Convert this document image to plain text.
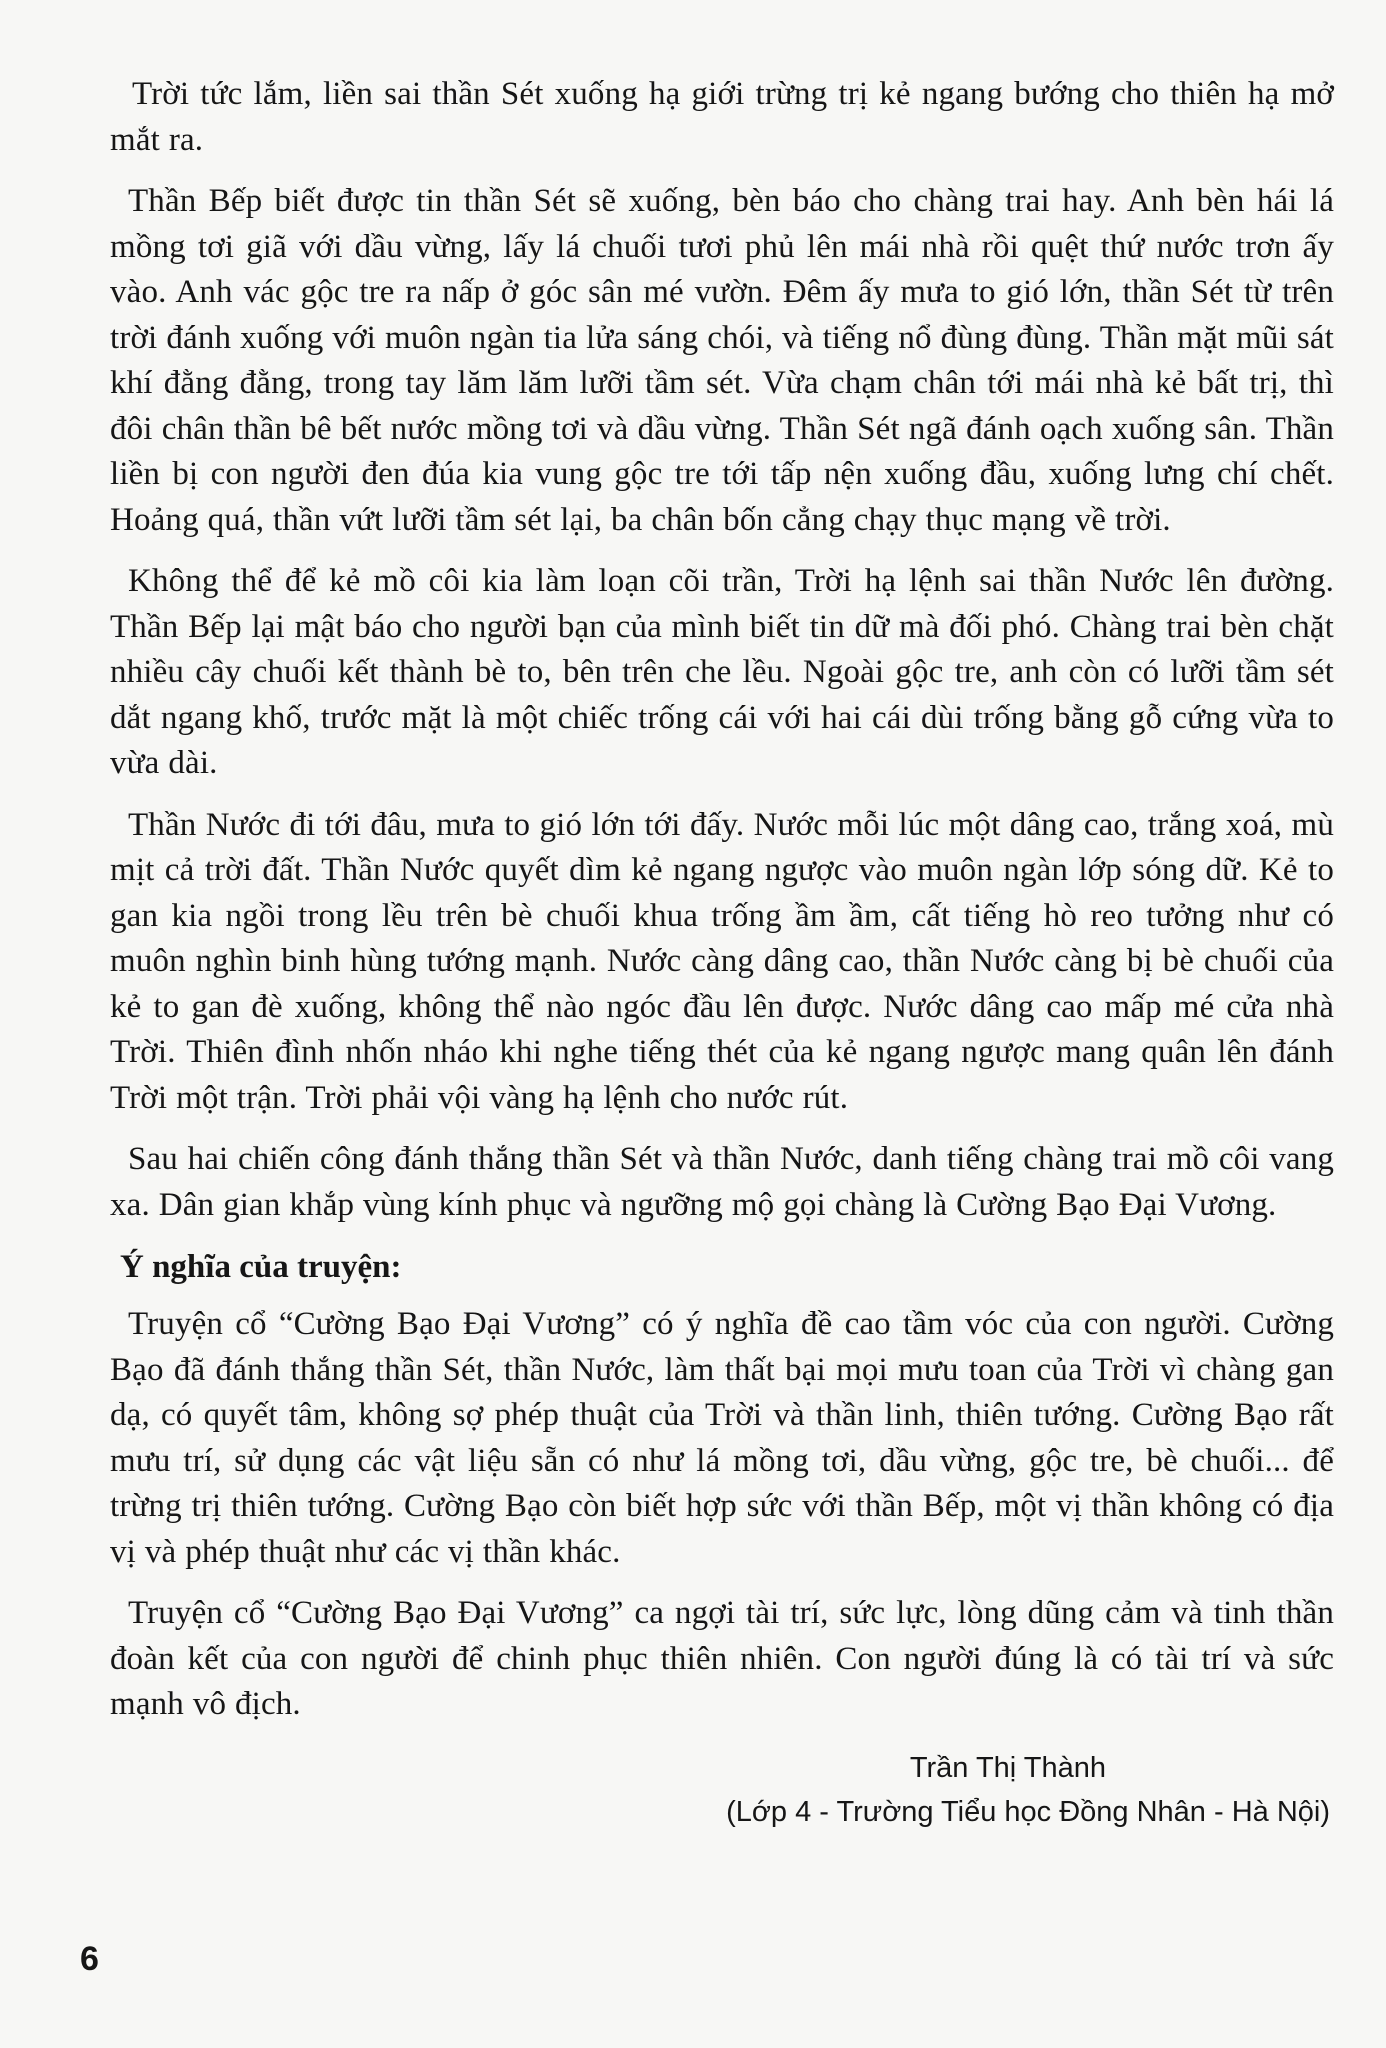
Trời tức lắm, liền sai thần Sét xuống hạ giới trừng trị kẻ ngang bướng cho thiên hạ mở mắt ra.

Thần Bếp biết được tin thần Sét sẽ xuống, bèn báo cho chàng trai hay. Anh bèn hái lá mồng tơi giã với dầu vừng, lấy lá chuối tươi phủ lên mái nhà rồi quệt thứ nước trơn ấy vào. Anh vác gộc tre ra nấp ở góc sân mé vườn. Đêm ấy mưa to gió lớn, thần Sét từ trên trời đánh xuống với muôn ngàn tia lửa sáng chói, và tiếng nổ đùng đùng. Thần mặt mũi sát khí đằng đằng, trong tay lăm lăm lưỡi tầm sét. Vừa chạm chân tới mái nhà kẻ bất trị, thì đôi chân thần bê bết nước mồng tơi và dầu vừng. Thần Sét ngã đánh oạch xuống sân. Thần liền bị con người đen đúa kia vung gộc tre tới tấp nện xuống đầu, xuống lưng chí chết. Hoảng quá, thần vứt lưỡi tầm sét lại, ba chân bốn cẳng chạy thục mạng về trời.

Không thể để kẻ mồ côi kia làm loạn cõi trần, Trời hạ lệnh sai thần Nước lên đường. Thần Bếp lại mật báo cho người bạn của mình biết tin dữ mà đối phó. Chàng trai bèn chặt nhiều cây chuối kết thành bè to, bên trên che lều. Ngoài gộc tre, anh còn có lưỡi tầm sét dắt ngang khố, trước mặt là một chiếc trống cái với hai cái dùi trống bằng gỗ cứng vừa to vừa dài.

Thần Nước đi tới đâu, mưa to gió lớn tới đấy. Nước mỗi lúc một dâng cao, trắng xoá, mù mịt cả trời đất. Thần Nước quyết dìm kẻ ngang ngược vào muôn ngàn lớp sóng dữ. Kẻ to gan kia ngồi trong lều trên bè chuối khua trống ầm ầm, cất tiếng hò reo tưởng như có muôn nghìn binh hùng tướng mạnh. Nước càng dâng cao, thần Nước càng bị bè chuối của kẻ to gan đè xuống, không thể nào ngóc đầu lên được. Nước dâng cao mấp mé cửa nhà Trời. Thiên đình nhốn nháo khi nghe tiếng thét của kẻ ngang ngược mang quân lên đánh Trời một trận. Trời phải vội vàng hạ lệnh cho nước rút.

Sau hai chiến công đánh thắng thần Sét và thần Nước, danh tiếng chàng trai mồ côi vang xa. Dân gian khắp vùng kính phục và ngưỡng mộ gọi chàng là Cường Bạo Đại Vương.

Ý nghĩa của truyện:

Truyện cổ “Cường Bạo Đại Vương” có ý nghĩa đề cao tầm vóc của con người. Cường Bạo đã đánh thắng thần Sét, thần Nước, làm thất bại mọi mưu toan của Trời vì chàng gan dạ, có quyết tâm, không sợ phép thuật của Trời và thần linh, thiên tướng. Cường Bạo rất mưu trí, sử dụng các vật liệu sẵn có như lá mồng tơi, dầu vừng, gộc tre, bè chuối... để trừng trị thiên tướng. Cường Bạo còn biết hợp sức với thần Bếp, một vị thần không có địa vị và phép thuật như các vị thần khác.

Truyện cổ “Cường Bạo Đại Vương” ca ngợi tài trí, sức lực, lòng dũng cảm và tinh thần đoàn kết của con người để chinh phục thiên nhiên. Con người đúng là có tài trí và sức mạnh vô địch.

Trần Thị Thành
(Lớp 4 - Trường Tiểu học Đồng Nhân - Hà Nội)
6
